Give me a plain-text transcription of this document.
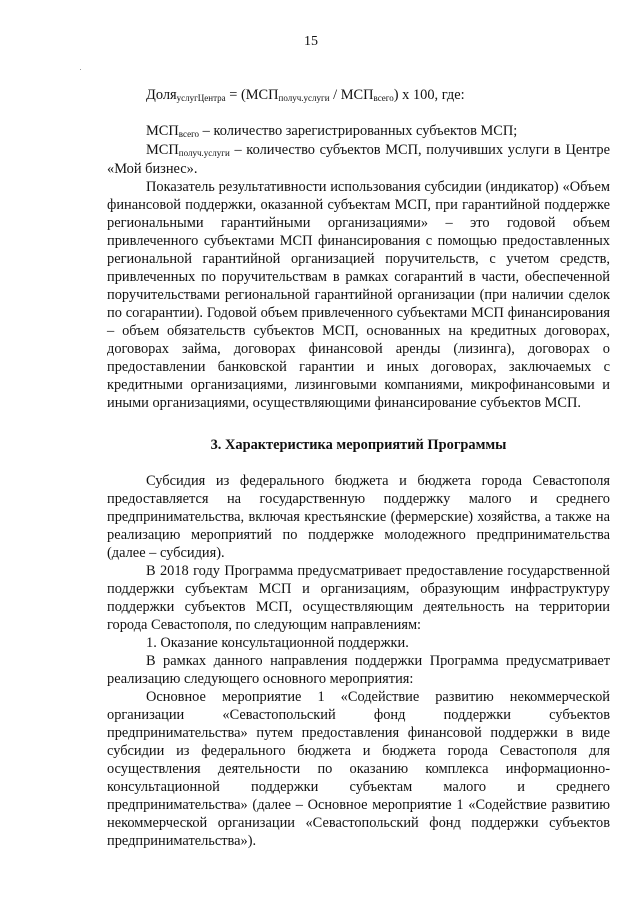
15
Доля$_{услугЦентра}$ = $(МСП_{получ.услуги} / МСП_{всего})$ x 100, где:

$МСП_{всего}$ – количество зарегистрированных субъектов МСП;

$МСП_{получ.услуги}$ – количество субъектов МСП, получивших услуги в Центре «Мой бизнес».

Показатель результативности использования субсидии (индикатор) «Объем финансовой поддержки, оказанной субъектам МСП, при гарантийной поддержке региональными гарантийными организациями» – это годовой объем привлеченного субъектами МСП финансирования с помощью предоставленных региональной гарантийной организацией поручительств, с учетом средств, привлеченных по поручительствам в рамках согарантий в части, обеспеченной поручительствами региональной гарантийной организации (при наличии сделок по согарантии). Годовой объем привлеченного субъектами МСП финансирования – объем обязательств субъектов МСП, основанных на кредитных договорах, договорах займа, договорах финансовой аренды (лизинга), договорах о предоставлении банковской гарантии и иных договорах, заключаемых с кредитными организациями, лизинговыми компаниями, микрофинансовыми и иными организациями, осуществляющими финансирование субъектов МСП.

3. Характеристика мероприятий Программы

Субсидия из федерального бюджета и бюджета города Севастополя предоставляется на государственную поддержку малого и среднего предпринимательства, включая крестьянские (фермерские) хозяйства, а также на реализацию мероприятий по поддержке молодежного предпринимательства (далее – субсидия).

В 2018 году Программа предусматривает предоставление государственной поддержки субъектам МСП и организациям, образующим инфраструктуру поддержки субъектов МСП, осуществляющим деятельность на территории города Севастополя, по следующим направлениям:

1. Оказание консультационной поддержки.

В рамках данного направления поддержки Программа предусматривает реализацию следующего основного мероприятия:

Основное мероприятие 1 «Содействие развитию некоммерческой организации «Севастопольский фонд поддержки субъектов предпринимательства» путем предоставления финансовой поддержки в виде субсидии из федерального бюджета и бюджета города Севастополя для осуществления деятельности по оказанию комплекса информационно-консультационной поддержки субъектам малого и среднего предпринимательства» (далее – Основное мероприятие 1 «Содействие развитию некоммерческой организации «Севастопольский фонд поддержки субъектов предпринимательства»).
